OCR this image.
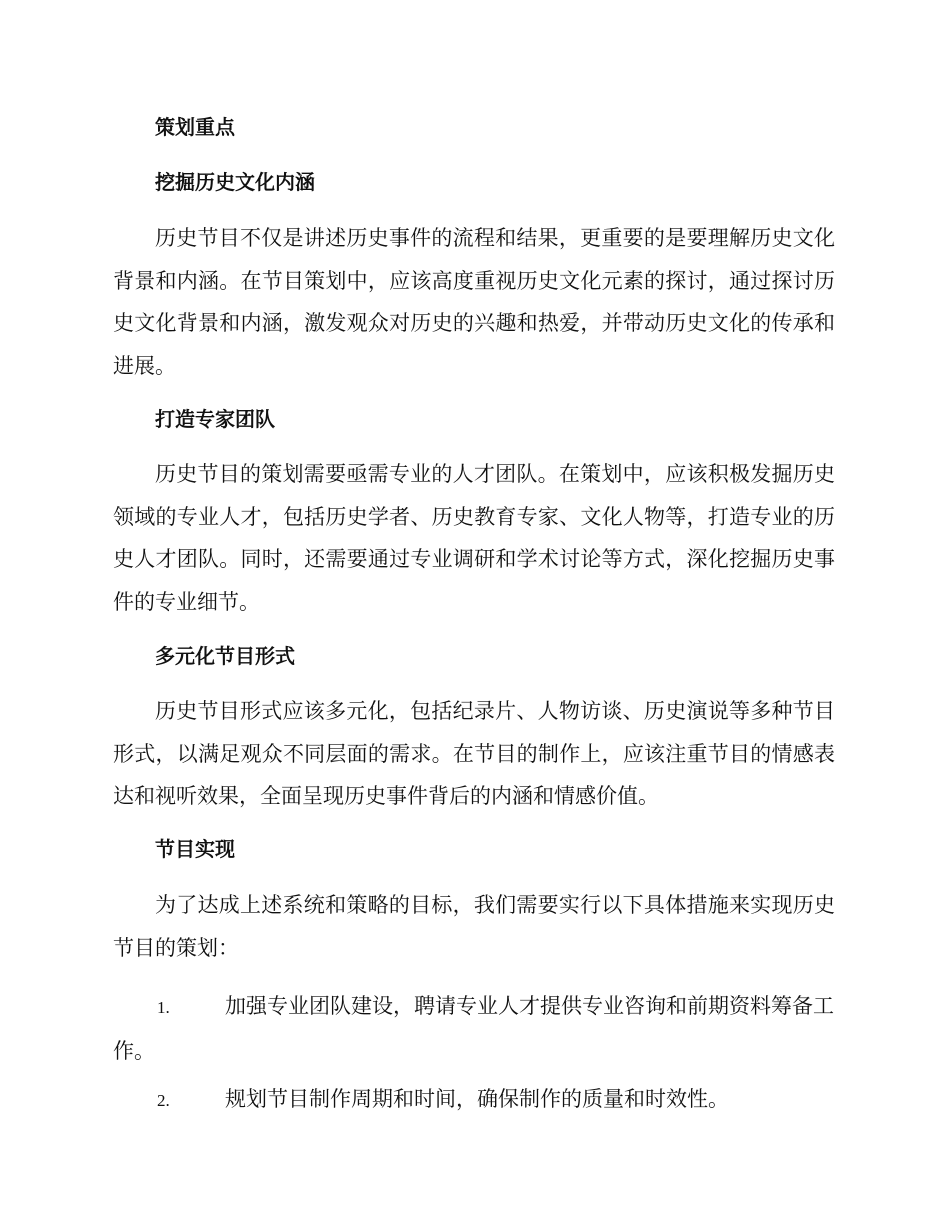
策划重点
挖掘历史文化内涵

历史节目不仅是讲述历史事件的流程和结果，更重要的是要理解历史文化背景和内涵。在节目策划中，应该高度重视历史文化元素的探讨，通过探讨历史文化背景和内涵，激发观众对历史的兴趣和热爱，并带动历史文化的传承和进展。

打造专家团队

历史节目的策划需要亟需专业的人才团队。在策划中，应该积极发掘历史领域的专业人才，包括历史学者、历史教育专家、文化人物等，打造专业的历史人才团队。同时，还需要通过专业调研和学术讨论等方式，深化挖掘历史事件的专业细节。

多元化节目形式

历史节目形式应该多元化，包括纪录片、人物访谈、历史演说等多种节目形式，以满足观众不同层面的需求。在节目的制作上，应该注重节目的情感表达和视听效果，全面呈现历史事件背后的内涵和情感价值。

节目实现

为了达成上述系统和策略的目标，我们需要实行以下具体措施来实现历史节目的策划：

1.	加强专业团队建设，聘请专业人才提供专业咨询和前期资料筹备工作。

2.	规划节目制作周期和时间，确保制作的质量和时效性。
